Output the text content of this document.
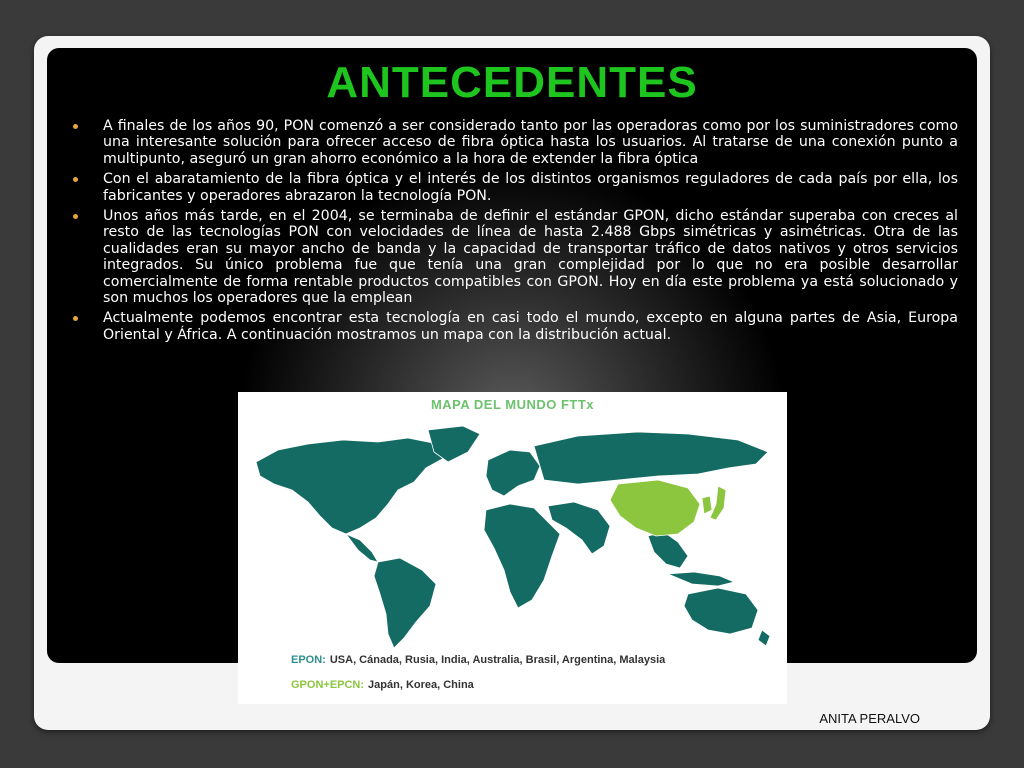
ANTECEDENTES
A finales de los años 90, PON comenzó a ser considerado tanto por las operadoras como por los suministradores como una interesante solución para ofrecer acceso de fibra óptica hasta los usuarios. Al tratarse de una conexión punto a multipunto, aseguró un gran ahorro económico a la hora de extender la fibra óptica
Con el abaratamiento de la fibra óptica y el interés de los distintos organismos reguladores de cada país por ella, los fabricantes y operadores abrazaron la tecnología PON.
Unos años más tarde, en el 2004, se terminaba de definir el estándar GPON, dicho estándar superaba con creces al resto de las tecnologías PON con velocidades de línea de hasta 2.488 Gbps simétricas y asimétricas. Otra de las cualidades eran su mayor ancho de banda y la capacidad de transportar tráfico de datos nativos y otros servicios integrados. Su único problema fue que tenía una gran complejidad por lo que no era posible desarrollar comercialmente de forma rentable productos compatibles con GPON. Hoy en día este problema ya está solucionado y son muchos los operadores que la emplean
Actualmente podemos encontrar esta tecnología en casi todo el mundo, excepto en alguna partes de Asia, Europa Oriental y África. A continuación mostramos un mapa con la distribución actual.
MAPA DEL MUNDO FTTx
EPON: USA, Cánada, Rusia, India, Australia, Brasil, Argentina, Malaysia
GPON+EPCN: Japán, Korea, China
ANITA PERALVO
